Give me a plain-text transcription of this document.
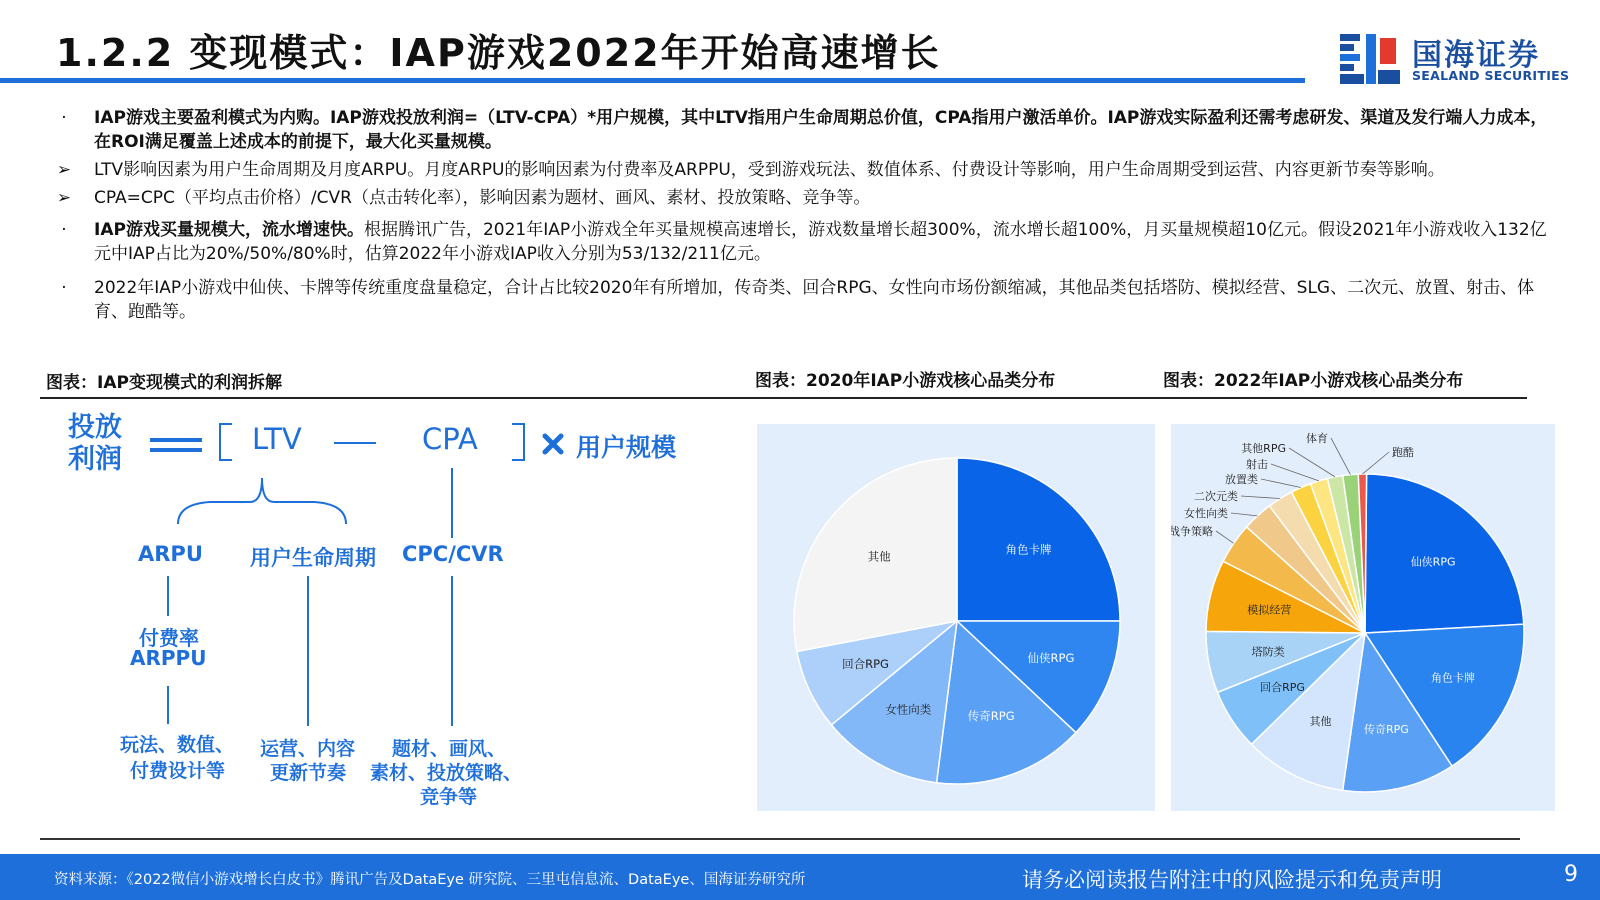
1.2.2 变现模式：IAP游戏2022年开始高速增长	国海证券
SEALAND SECURITIES
·	IAP游戏主要盈利模式为内购。IAP游戏投放利润=（LTV-CPA）*用户规模，其中LTV指用户生命周期总价值，CPA指用户激活单价。IAP游戏实际盈利还需考虑研发、渠道及发行端人力成本，在ROI满足覆盖上述成本的前提下，最大化买量规模。
➢ LTV影响因素为用户生命周期及月度ARPU。月度ARPU的影响因素为付费率及ARPPU，受到游戏玩法、数值体系、付费设计等影响，用户生命周期受到运营、内容更新节奏等影响。
➢ CPA=CPC（平均点击价格）/CVR（点击转化率），影响因素为题材、画风、素材、投放策略、竞争等。
·	IAP游戏买量规模大，流水增速快。根据腾讯广告，2021年IAP小游戏全年买量规模高速增长，游戏数量增长超300%，流水增长超100%，月买量规模超10亿元。假设2021年小游戏收入132亿元中IAP占比为20%/50%/80%时，估算2022年小游戏IAP收入分别为53/132/211亿元。
·	2022年IAP小游戏中仙侠、卡牌等传统重度盘量稳定，合计占比较2020年有所增加，传奇类、回合RPG、女性向市场份额缩减，其他品类包括塔防、模拟经营、SLG、二次元、放置、射击、体育、跑酷等。
图表：IAP变现模式的利润拆解	图表：2020年IAP小游戏核心品类分布	图表：2022年IAP小游戏核心品类分布
投放利润
LTV	CPA	用户规模
ARPU 用户生命周期 CPC/CVR
付费率
ARPPU
玩法、数值、
付费设计等
运营、内容
更新节奏
题材、画风、
素材、投放策略、
竞争等
角色卡牌
仙侠RPG
传奇RPG
女性向类
回合RPG
其他	仙侠RPG
角色卡牌
传奇RPG
其他
回合RPG
塔防类
模拟经营
战争策略
女性向类
二次元类
放置类
射击
其他RPG
体育
跑酷
资料来源：《2022微信小游戏增长白皮书》腾讯广告及DataEye 研究院、三里屯信息流、DataEye、国海证券研究所	请务必阅读报告附注中的风险提示和免责声明	9
